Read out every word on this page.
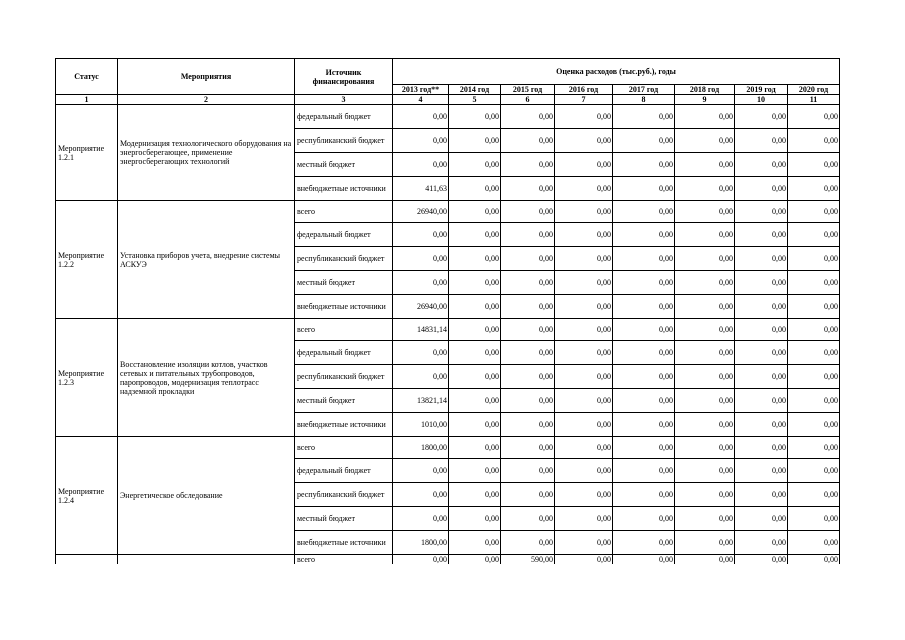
Статус	Мероприятия	Источник финансирования	Оценка расходов (тыс.руб.), годы							
			2013 год**	2014 год	2015 год	2016 год	2017 год	2018 год	2019 год	2020 год
1	2	3	4	5	6	7	8	9	10	11
Мероприятие 1.2.1	Модернизация технологического оборудования на энергосберегающее, применение энергосберегающих технологий	федеральный бюджет	0,00	0,00	0,00	0,00	0,00	0,00	0,00	0,00
		республиканский бюджет	0,00	0,00	0,00	0,00	0,00	0,00	0,00	0,00
		местный бюджет	0,00	0,00	0,00	0,00	0,00	0,00	0,00	0,00
		внебюджетные источники	411,63	0,00	0,00	0,00	0,00	0,00	0,00	0,00
Мероприятие 1.2.2	Установка приборов учета, внедрение системы АСКУЭ	всего	26940,00	0,00	0,00	0,00	0,00	0,00	0,00	0,00
		федеральный бюджет	0,00	0,00	0,00	0,00	0,00	0,00	0,00	0,00
		республиканский бюджет	0,00	0,00	0,00	0,00	0,00	0,00	0,00	0,00
		местный бюджет	0,00	0,00	0,00	0,00	0,00	0,00	0,00	0,00
		внебюджетные источники	26940,00	0,00	0,00	0,00	0,00	0,00	0,00	0,00
Мероприятие 1.2.3	Восстановление изоляции котлов, участков сетевых и питательных трубопроводов, паропроводов, модернизация теплотрасс надземной прокладки	всего	14831,14	0,00	0,00	0,00	0,00	0,00	0,00	0,00
		федеральный бюджет	0,00	0,00	0,00	0,00	0,00	0,00	0,00	0,00
		республиканский бюджет	0,00	0,00	0,00	0,00	0,00	0,00	0,00	0,00
		местный бюджет	13821,14	0,00	0,00	0,00	0,00	0,00	0,00	0,00
		внебюджетные источники	1010,00	0,00	0,00	0,00	0,00	0,00	0,00	0,00
Мероприятие 1.2.4	Энергетическое обследование	всего	1800,00	0,00	0,00	0,00	0,00	0,00	0,00	0,00
		федеральный бюджет	0,00	0,00	0,00	0,00	0,00	0,00	0,00	0,00
		республиканский бюджет	0,00	0,00	0,00	0,00	0,00	0,00	0,00	0,00
		местный бюджет	0,00	0,00	0,00	0,00	0,00	0,00	0,00	0,00
		внебюджетные источники	1800,00	0,00	0,00	0,00	0,00	0,00	0,00	0,00
		всего	0,00	0,00	590,00	0,00	0,00	0,00	0,00	0,00
